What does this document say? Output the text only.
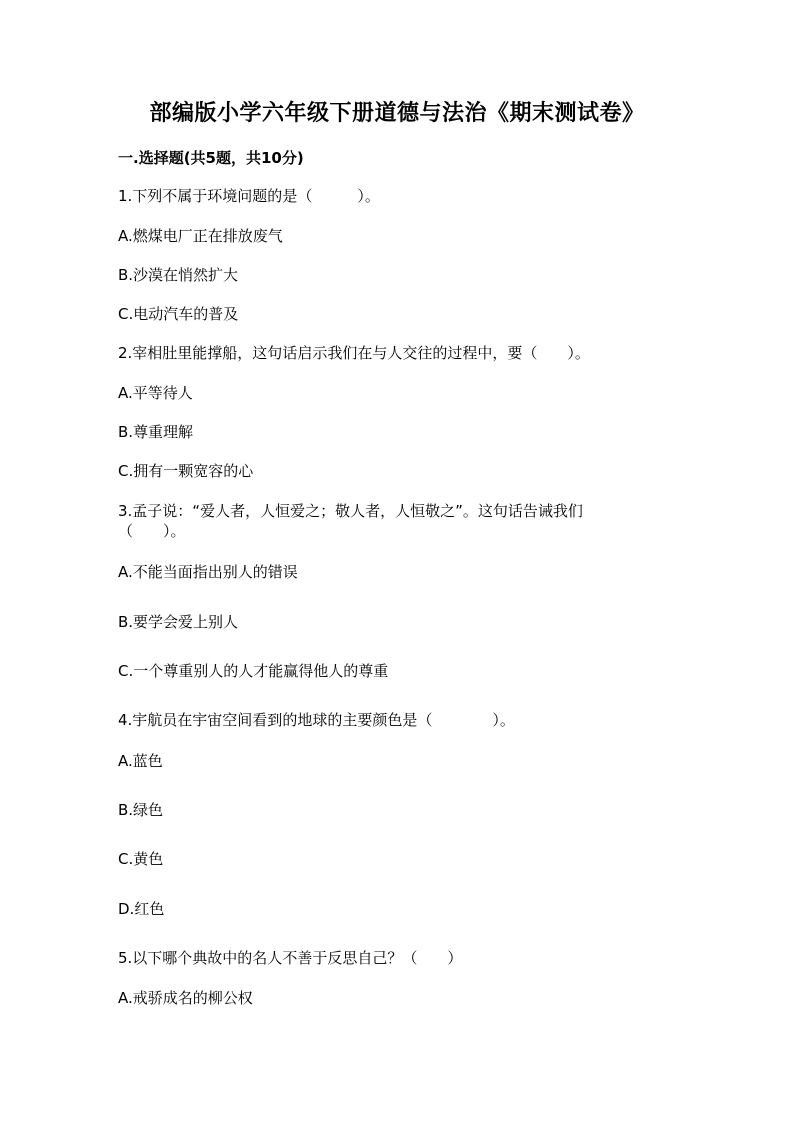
部编版小学六年级下册道德与法治《期末测试卷》
一.选择题(共5题，共10分)
1.下列不属于环境问题的是（　　　）。
A.燃煤电厂正在排放废气
B.沙漠在悄然扩大
C.电动汽车的普及
2.宰相肚里能撑船，这句话启示我们在与人交往的过程中，要（　　）。
A.平等待人
B.尊重理解
C.拥有一颗宽容的心
3.孟子说：“爱人者，人恒爱之；敬人者，人恒敬之”。这句话告诫我们（　　）。
A.不能当面指出别人的错误
B.要学会爱上别人
C.一个尊重别人的人才能赢得他人的尊重
4.宇航员在宇宙空间看到的地球的主要颜色是（　　　　）。
A.蓝色
B.绿色
C.黄色
D.红色
5.以下哪个典故中的名人不善于反思自己？（　　）
A.戒骄成名的柳公权
